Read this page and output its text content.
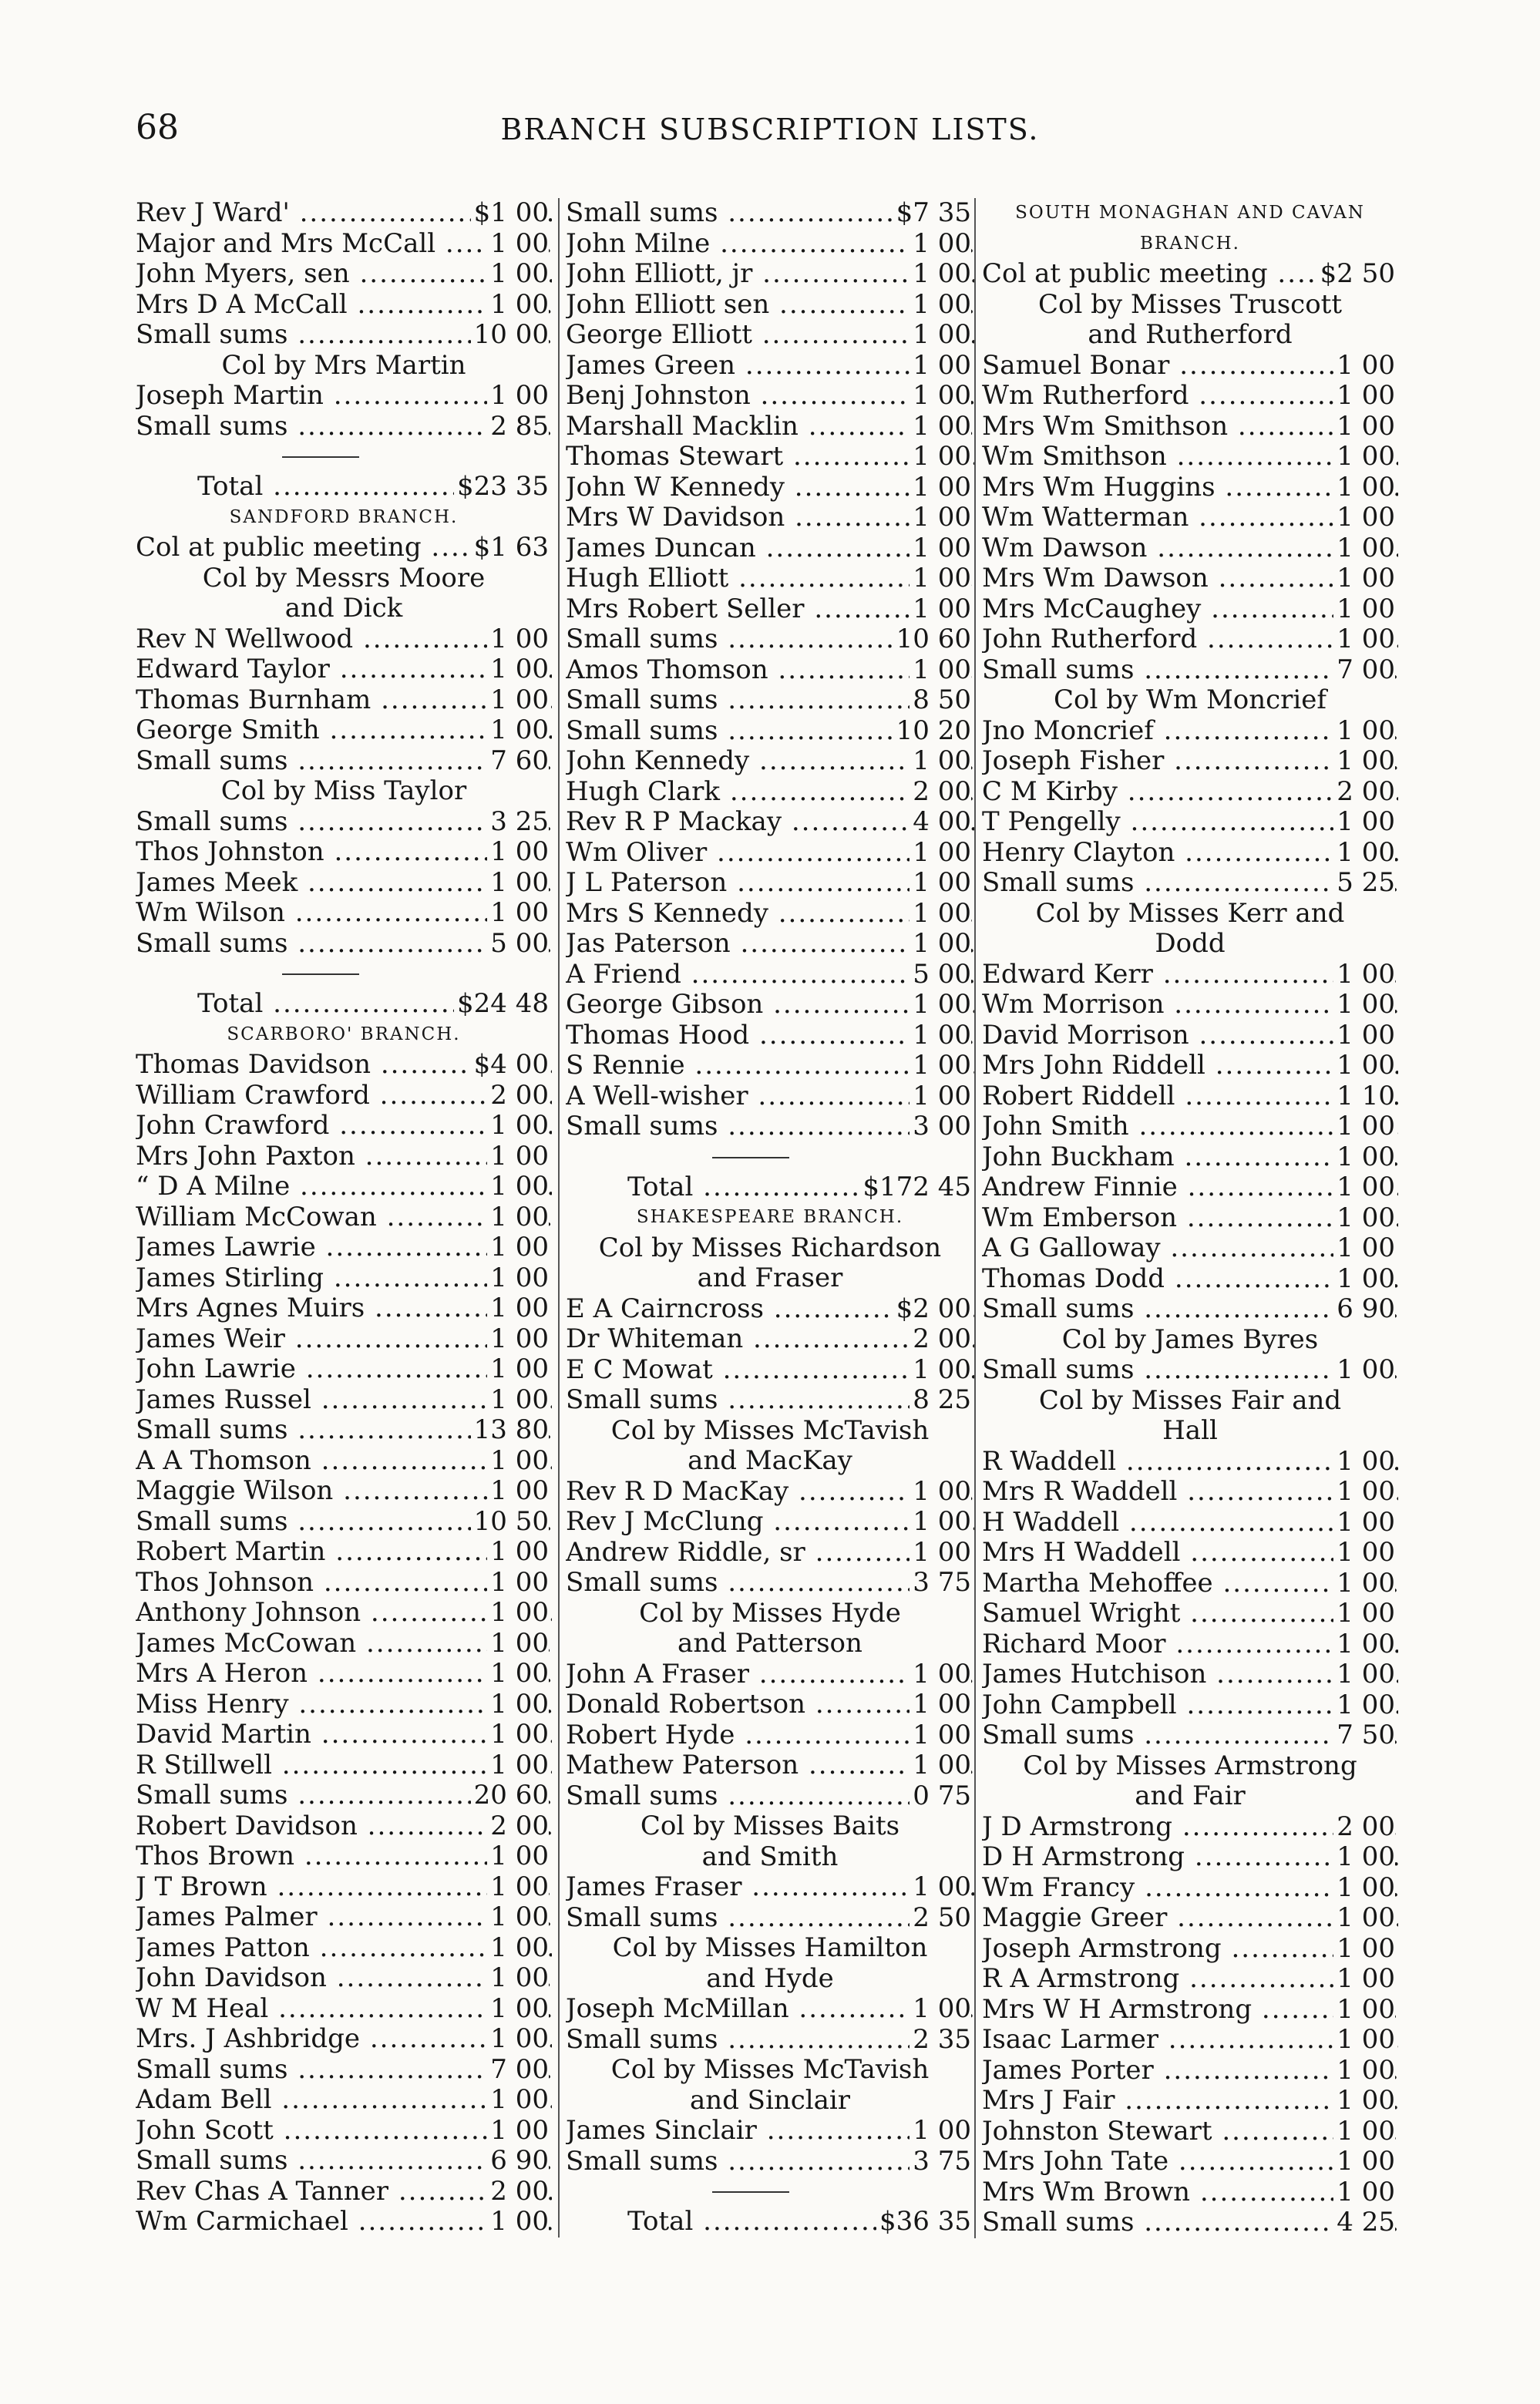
68	BRANCH SUBSCRIPTION LISTS.
Rev J Ward' .....	$1 00
Major and Mrs McCall ..... 1 00
John Myers, sen .....	1 00
Mrs D A McCall .....	1 00
Small sums .....	10 00
Col by Mrs Martin
Joseph Martin .....	1 00
Small sums .....	2 85
Total .....	$23 35
SANDFORD BRANCH.
Col at public meeting ..... $1 63
Col by Messrs Moore
and Dick
Rev N Wellwood .....	1 00
Edward Taylor .....	1 00
Thomas Burnham .....	1 00
George Smith .....	1 00
Small sums .....	7 60
Col by Miss Taylor
Small sums .....	3 25
Thos Johnston .....	1 00
James Meek .....	1 00
Wm Wilson .....	1 00
Small sums .....	5 00
Total .....	$24 48
SCARBORO' BRANCH.
Thomas Davidson .....	$4 00
William Crawford .....	2 00
John Crawford .....	1 00
Mrs John Paxton .....	1 00
“ D A Milne .....	1 00
William McCowan .....	1 00
James Lawrie .....	1 00
James Stirling .....	1 00
Mrs Agnes Muirs .....	1 00
James Weir .....	1 00
John Lawrie .....	1 00
James Russel .....	1 00
Small sums .....	13 80
A A Thomson .....	1 00
Maggie Wilson .....	1 00
Small sums .....	10 50
Robert Martin .....	1 00
Thos Johnson .....	1 00
Anthony Johnson .....	1 00
James McCowan .....	1 00
Mrs A Heron .....	1 00
Miss Henry .....	1 00
David Martin .....	1 00
R Stillwell .....	1 00
Small sums .....	20 60
Robert Davidson .....	2 00
Thos Brown .....	1 00
J T Brown .....	1 00
James Palmer .....	1 00
James Patton .....	1 00
John Davidson .....	1 00
W M Heal .....	1 00
Mrs. J Ashbridge .....	1 00
Small sums .....	7 00
Adam Bell .....	1 00
John Scott .....	1 00
Small sums .....	6 90
Rev Chas A Tanner .....	2 00
Wm Carmichael .....	1 00
Small sums .....	$7 35
John Milne .....	1 00
John Elliott, jr .....	1 00
John Elliott sen .....	1 00
George Elliott .....	1 00
James Green .....	1 00
Benj Johnston .....	1 00
Marshall Macklin .....	1 00
Thomas Stewart .....	1 00
John W Kennedy .....	1 00
Mrs W Davidson .....	1 00
James Duncan .....	1 00
Hugh Elliott .....	1 00
Mrs Robert Seller .....	1 00
Small sums .....	10 60
Amos Thomson .....	1 00
Small sums .....	8 50
Small sums .....	10 20
John Kennedy .....	1 00
Hugh Clark .....	2 00
Rev R P Mackay .....	4 00
Wm Oliver .....	1 00
J L Paterson .....	1 00
Mrs S Kennedy .....	1 00
Jas Paterson .....	1 00
A Friend .....	5 00
George Gibson .....	1 00
Thomas Hood .....	1 00
S Rennie .....	1 00
A Well-wisher .....	1 00
Small sums .....	3 00
Total .....	$172 45
SHAKESPEARE BRANCH.
Col by Misses Richardson
and Fraser
E A Cairncross .....	$2 00
Dr Whiteman .....	2 00
E C Mowat .....	1 00
Small sums .....	8 25
Col by Misses McTavish
and MacKay
Rev R D MacKay .....	1 00
Rev J McClung .....	1 00
Andrew Riddle, sr .....	1 00
Small sums .....	3 75
Col by Misses Hyde
and Patterson
John A Fraser .....	1 00
Donald Robertson .....	1 00
Robert Hyde .....	1 00
Mathew Paterson .....	1 00
Small sums .....	0 75
Col by Misses Baits
and Smith
James Fraser .....	1 00
Small sums .....	2 50
Col by Misses Hamilton
and Hyde
Joseph McMillan .....	1 00
Small sums .....	2 35
Col by Misses McTavish
and Sinclair
James Sinclair .....	1 00
Small sums .....	3 75
Total .....	$36 35
SOUTH MONAGHAN AND CAVAN
BRANCH.
Col at public meeting ..... $2 50
Col by Misses Truscott
and Rutherford
Samuel Bonar .....	1 00
Wm Rutherford .....	1 00
Mrs Wm Smithson .....	1 00
Wm Smithson .....	1 00
Mrs Wm Huggins .....	1 00
Wm Watterman .....	1 00
Wm Dawson .....	1 00
Mrs Wm Dawson .....	1 00
Mrs McCaughey .....	1 00
John Rutherford .....	1 00
Small sums .....	7 00
Col by Wm Moncrief
Jno Moncrief .....	1 00
Joseph Fisher .....	1 00
C M Kirby .....	2 00
T Pengelly .....	1 00
Henry Clayton .....	1 00
Small sums .....	5 25
Col by Misses Kerr and
Dodd
Edward Kerr .....	1 00
Wm Morrison .....	1 00
David Morrison .....	1 00
Mrs John Riddell .....	1 00
Robert Riddell .....	1 10
John Smith .....	1 00
John Buckham .....	1 00
Andrew Finnie .....	1 00
Wm Emberson .....	1 00
A G Galloway .....	1 00
Thomas Dodd .....	1 00
Small sums .....	6 90
Col by James Byres
Small sums .....	1 00
Col by Misses Fair and
Hall
R Waddell .....	1 00
Mrs R Waddell .....	1 00
H Waddell .....	1 00
Mrs H Waddell .....	1 00
Martha Mehoffee .....	1 00
Samuel Wright .....	1 00
Richard Moor .....	1 00
James Hutchison .....	1 00
John Campbell .....	1 00
Small sums .....	7 50
Col by Misses Armstrong
and Fair
J D Armstrong .....	2 00
D H Armstrong .....	1 00
Wm Francy .....	1 00
Maggie Greer .....	1 00
Joseph Armstrong .....	1 00
R A Armstrong .....	1 00
Mrs W H Armstrong .....	1 00
Isaac Larmer .....	1 00
James Porter .....	1 00
Mrs J Fair .....	1 00
Johnston Stewart .....	1 00
Mrs John Tate .....	1 00
Mrs Wm Brown .....	1 00
Small sums .....	4 25
